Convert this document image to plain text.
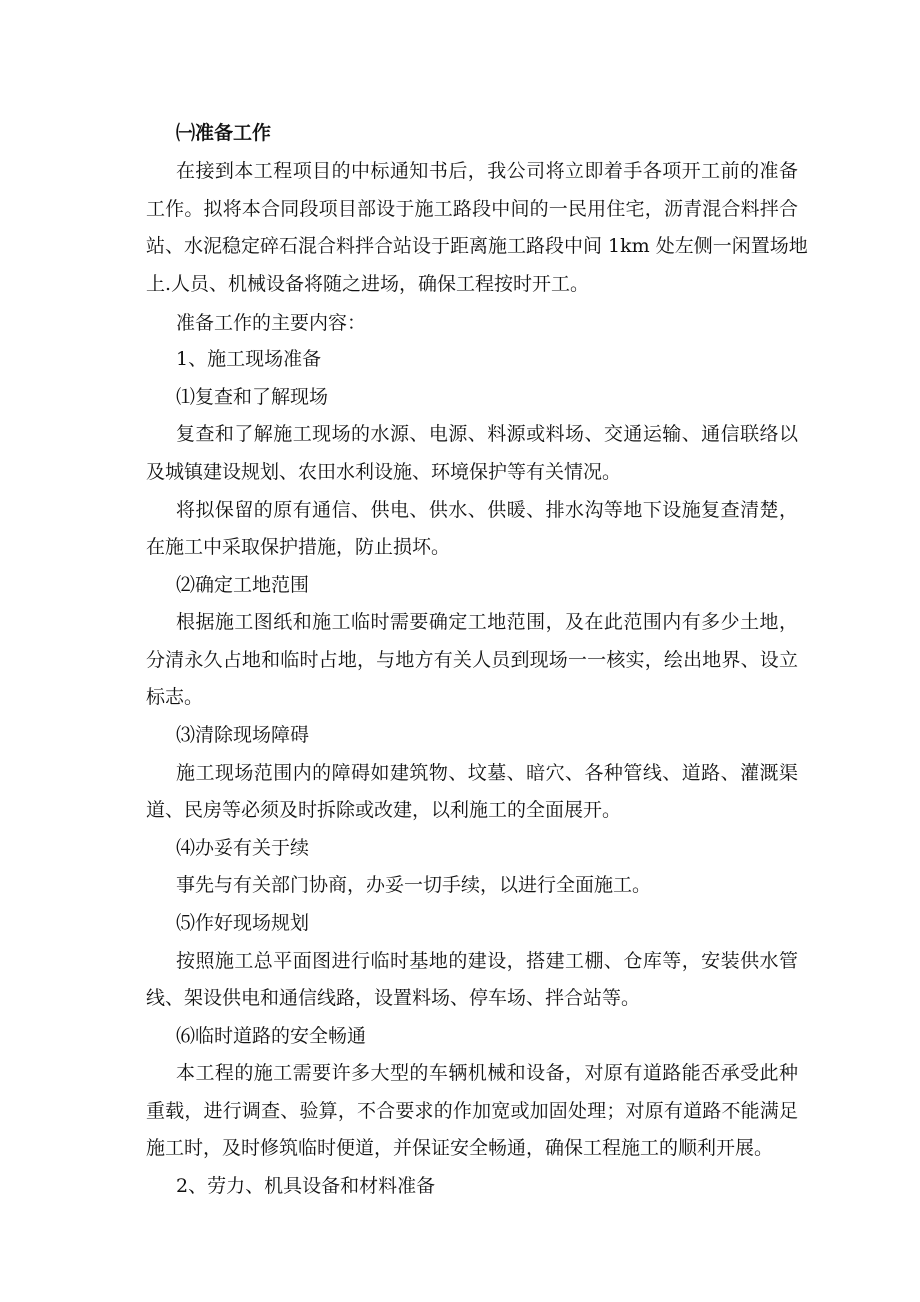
㈠准备工作
在接到本工程项目的中标通知书后，我公司将立即着手各项开工前的准备
工作。拟将本合同段项目部设于施工路段中间的一民用住宅，沥青混合料拌合
站、水泥稳定碎石混合料拌合站设于距离施工路段中间 1km 处左侧一闲置场地
上.人员、机械设备将随之进场，确保工程按时开工。
准备工作的主要内容：
1、施工现场准备
⑴复查和了解现场
复查和了解施工现场的水源、电源、料源或料场、交通运输、通信联络以
及城镇建设规划、农田水利设施、环境保护等有关情况。
将拟保留的原有通信、供电、供水、供暖、排水沟等地下设施复查清楚，
在施工中采取保护措施，防止损坏。
⑵确定工地范围
根据施工图纸和施工临时需要确定工地范围，及在此范围内有多少土地，
分清永久占地和临时占地，与地方有关人员到现场一一核实，绘出地界、设立
标志。
⑶清除现场障碍
施工现场范围内的障碍如建筑物、坟墓、暗穴、各种管线、道路、灌溉渠
道、民房等必须及时拆除或改建，以利施工的全面展开。
⑷办妥有关于续
事先与有关部门协商，办妥一切手续，以进行全面施工。
⑸作好现场规划
按照施工总平面图进行临时基地的建设，搭建工棚、仓库等，安装供水管
线、架设供电和通信线路，设置料场、停车场、拌合站等。
⑹临时道路的安全畅通
本工程的施工需要许多大型的车辆机械和设备，对原有道路能否承受此种
重载，进行调查、验算，不合要求的作加宽或加固处理；对原有道路不能满足
施工时，及时修筑临时便道，并保证安全畅通，确保工程施工的顺利开展。
2、劳力、机具设备和材料准备
